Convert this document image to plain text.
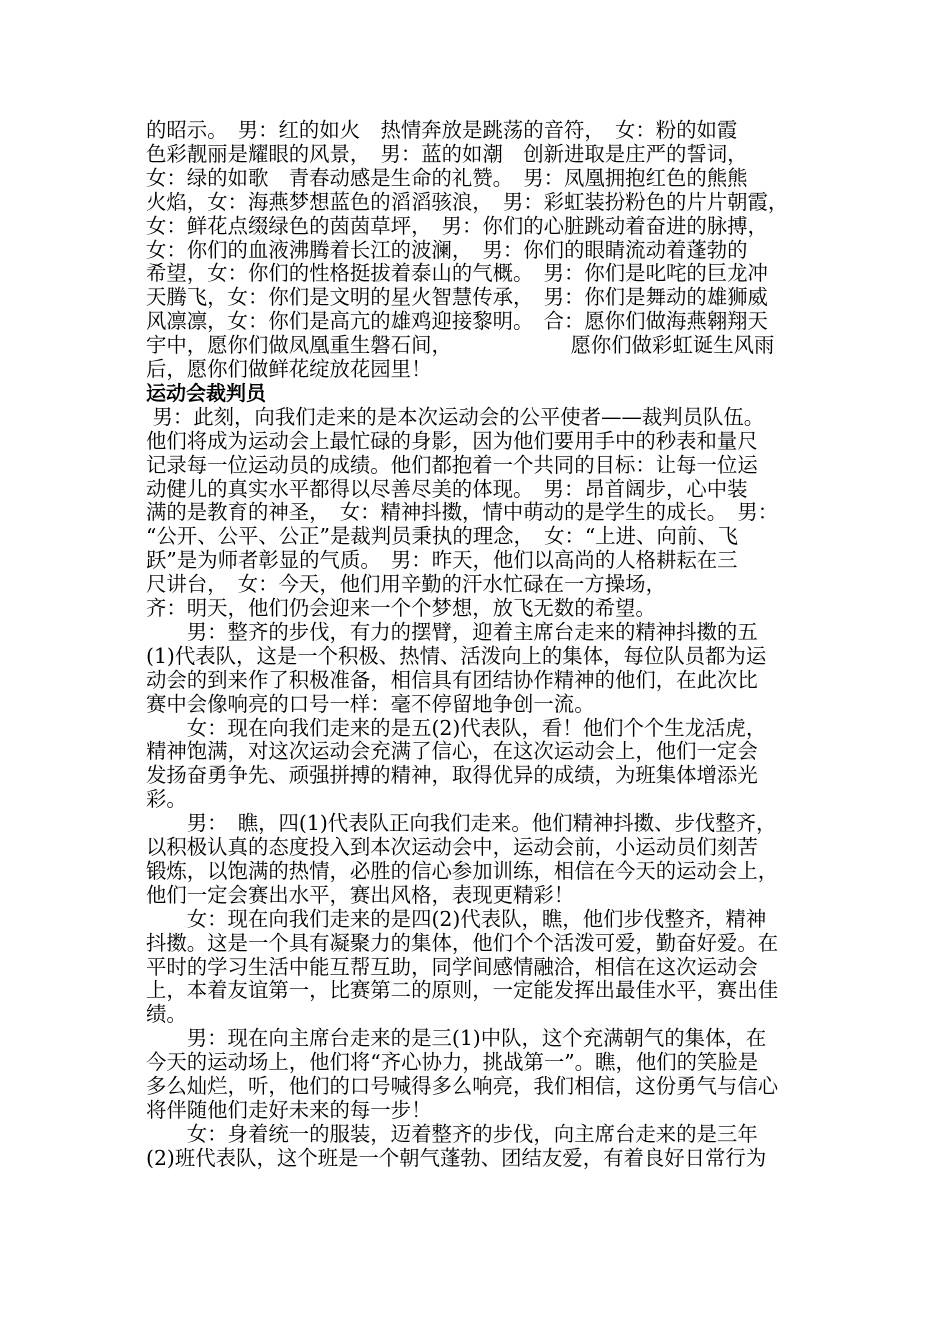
的昭示。　男：红的如火　热情奔放是跳荡的音符，　女：粉的如霞
色彩靓丽是耀眼的风景，　男：蓝的如潮　创新进取是庄严的誓词，
女：绿的如歌　青春动感是生命的礼赞。　男：凤凰拥抱红色的熊熊
火焰，女：海燕梦想蓝色的滔滔骇浪，　男：彩虹装扮粉色的片片朝霞，
女：鲜花点缀绿色的茵茵草坪，　男：你们的心脏跳动着奋进的脉搏，
女：你们的血液沸腾着长江的波澜，　男：你们的眼睛流动着蓬勃的
希望，女：你们的性格挺拔着泰山的气概。　男：你们是叱咤的巨龙冲
天腾飞，女：你们是文明的星火智慧传承，　男：你们是舞动的雄狮威
风凛凛，女：你们是高亢的雄鸡迎接黎明。　合：愿你们做海燕翱翔天
宇中，愿你们做凤凰重生磐石间，　　　　　　 愿你们做彩虹诞生风雨
后，愿你们做鲜花绽放花园里！
运动会裁判员
男：此刻，向我们走来的是本次运动会的公平使者——裁判员队伍。
他们将成为运动会上最忙碌的身影，因为他们要用手中的秒表和量尺
记录每一位运动员的成绩。他们都抱着一个共同的目标：让每一位运
动健儿的真实水平都得以尽善尽美的体现。　男：昂首阔步，心中装
满的是教育的神圣，　女：精神抖擞，情中萌动的是学生的成长。　男：
“公开、公平、公正”是裁判员秉执的理念，　女：“上进、向前、飞
跃”是为师者彰显的气质。　男：昨天，他们以高尚的人格耕耘在三
尺讲台，　女：今天，他们用辛勤的汗水忙碌在一方操场，
齐：明天，他们仍会迎来一个个梦想，放飞无数的希望。
　　男：整齐的步伐，有力的摆臂，迎着主席台走来的精神抖擞的五
(1)代表队，这是一个积极、热情、活泼向上的集体，每位队员都为运
动会的到来作了积极准备，相信具有团结协作精神的他们，在此次比
赛中会像响亮的口号一样：毫不停留地争创一流。
　　女：现在向我们走来的是五(2)代表队，看！他们个个生龙活虎，
精神饱满，对这次运动会充满了信心，在这次运动会上，他们一定会
发扬奋勇争先、顽强拼搏的精神，取得优异的成绩，为班集体增添光
彩。
　　男：　瞧，四(1)代表队正向我们走来。他们精神抖擞、步伐整齐，
以积极认真的态度投入到本次运动会中，运动会前，小运动员们刻苦
锻炼，以饱满的热情，必胜的信心参加训练，相信在今天的运动会上，
他们一定会赛出水平，赛出风格，表现更精彩！
　　女：现在向我们走来的是四(2)代表队，瞧，他们步伐整齐，精神
抖擞。这是一个具有凝聚力的集体，他们个个活泼可爱，勤奋好爱。在
平时的学习生活中能互帮互助，同学间感情融洽，相信在这次运动会
上，本着友谊第一，比赛第二的原则，一定能发挥出最佳水平，赛出佳
绩。
　　男：现在向主席台走来的是三(1)中队，这个充满朝气的集体，在
今天的运动场上，他们将“齐心协力，挑战第一”。瞧，他们的笑脸是
多么灿烂，听，他们的口号喊得多么响亮，我们相信，这份勇气与信心
将伴随他们走好未来的每一步！
　　女：身着统一的服装，迈着整齐的步伐，向主席台走来的是三年
(2)班代表队，这个班是一个朝气蓬勃、团结友爱，有着良好日常行为
